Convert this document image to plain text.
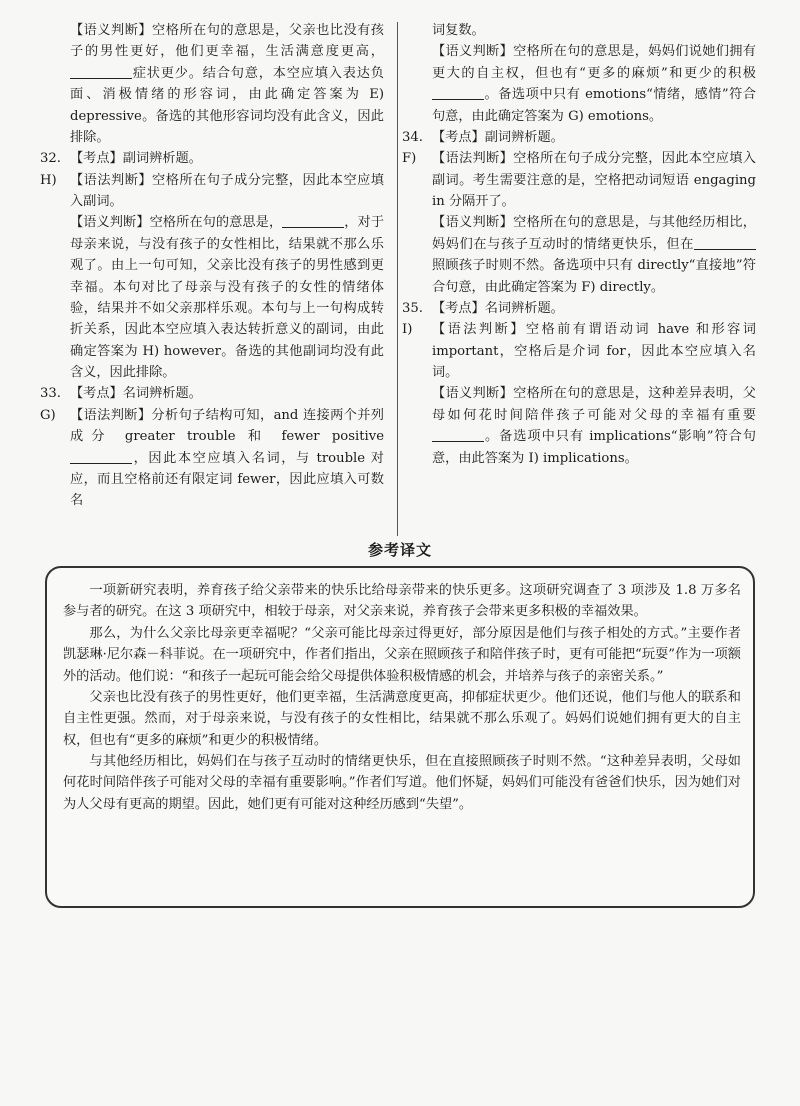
【语义判断】空格所在句的意思是，父亲也比没有孩子的男性更好，他们更幸福，生活满意度更高，症状更少。结合句意，本空应填入表达负面、消极情绪的形容词，由此确定答案为 E) depressive。备选的其他形容词均没有此含义，因此排除。

32. 【考点】副词辨析题。

H) 【语法判断】空格所在句子成分完整，因此本空应填入副词。

【语义判断】空格所在句的意思是，	，对于母亲来说，与没有孩子的女性相比，结果就不那么乐观了。由上一句可知，父亲比没有孩子的男性感到更幸福。本句对比了母亲与没有孩子的女性的情绪体验，结果并不如父亲那样乐观。本句与上一句构成转折关系，因此本空应填入表达转折意义的副词，由此确定答案为 H) however。备选的其他副词均没有此含义，因此排除。

33. 【考点】名词辨析题。

G) 【语法判断】分析句子结构可知，and 连接两个并列成分 greater trouble 和 fewer positive ，因此本空应填入名词，与 trouble 对应，而且空格前还有限定词 fewer，因此应填入可数名

词复数。

【语义判断】空格所在句的意思是，妈妈们说她们拥有更大的自主权，但也有“更多的麻烦”和更少的积极。备选项中只有 emotions“情绪，感情”符合句意，由此确定答案为 G) emotions。

34. 【考点】副词辨析题。

F) 【语法判断】空格所在句子成分完整，因此本空应填入副词。考生需要注意的是，空格把动词短语 engaging in 分隔开了。

【语义判断】空格所在句的意思是，与其他经历相比，妈妈们在与孩子互动时的情绪更快乐，但在照顾孩子时则不然。备选项中只有 directly“直接地”符合句意，由此确定答案为 F) directly。

35. 【考点】名词辨析题。

I) 【语法判断】空格前有谓语动词 have 和形容词 important，空格后是介词 for，因此本空应填入名词。

【语义判断】空格所在句的意思是，这种差异表明，父母如何花时间陪伴孩子可能对父母的幸福有重要。备选项中只有 implications“影响”符合句意，由此答案为 I) implications。

参考译文

一项新研究表明，养育孩子给父亲带来的快乐比给母亲带来的快乐更多。这项研究调查了 3 项涉及 1.8 万多名参与者的研究。在这 3 项研究中，相较于母亲，对父亲来说，养育孩子会带来更多积极的幸福效果。

那么，为什么父亲比母亲更幸福呢？“父亲可能比母亲过得更好，部分原因是他们与孩子相处的方式。”主要作者凯瑟琳·尼尔森－科菲说。在一项研究中，作者们指出，父亲在照顾孩子和陪伴孩子时，更有可能把“玩耍”作为一项额外的活动。他们说：“和孩子一起玩可能会给父母提供体验积极情感的机会，并培养与孩子的亲密关系。”

父亲也比没有孩子的男性更好，他们更幸福，生活满意度更高，抑郁症状更少。他们还说，他们与他人的联系和自主性更强。然而，对于母亲来说，与没有孩子的女性相比，结果就不那么乐观了。妈妈们说她们拥有更大的自主权，但也有“更多的麻烦”和更少的积极情绪。

与其他经历相比，妈妈们在与孩子互动时的情绪更快乐，但在直接照顾孩子时则不然。“这种差异表明，父母如何花时间陪伴孩子可能对父母的幸福有重要影响。”作者们写道。他们怀疑，妈妈们可能没有爸爸们快乐，因为她们对为人父母有更高的期望。因此，她们更有可能对这种经历感到“失望”。
